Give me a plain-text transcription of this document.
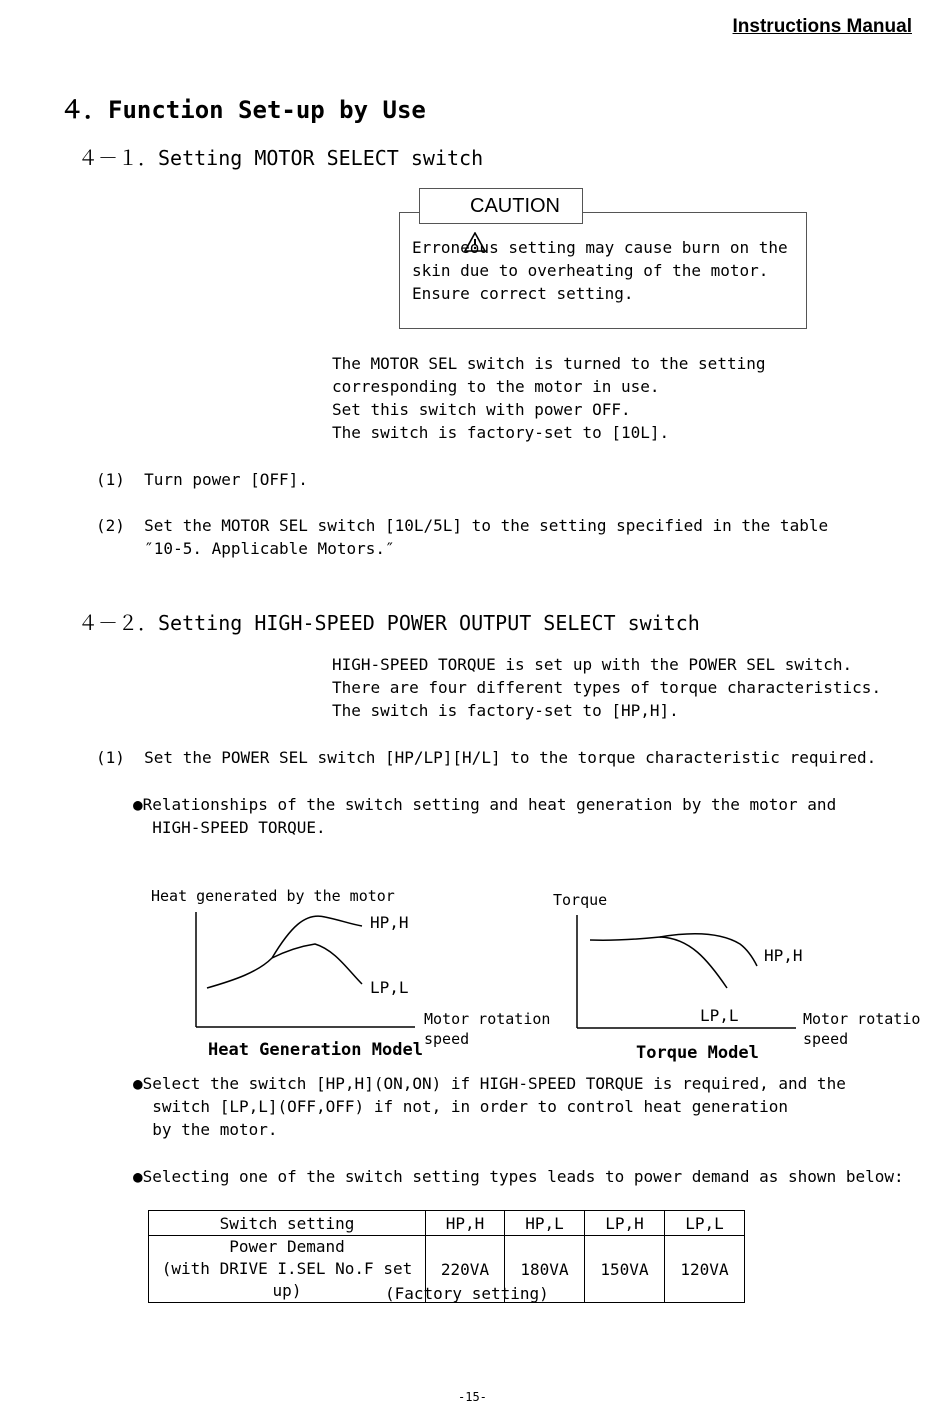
Instructions Manual
４．Function Set-up by Use
４－１．Setting MOTOR SELECT switch

CAUTION

Erroneous setting may cause burn on the
skin due to overheating of the motor.
Ensure correct setting.
The MOTOR SEL switch is turned to the setting
corresponding to the motor in use.
Set this switch with power OFF.
The switch is factory-set to [10L].
(1)  Turn power [OFF].
(2)  Set the MOTOR SEL switch [10L/5L] to the setting specified in the table
″10-5. Applicable Motors.″
４－２．Setting HIGH-SPEED POWER OUTPUT SELECT switch
HIGH-SPEED TORQUE is set up with the POWER SEL switch.
There are four different types of torque characteristics.
The switch is factory-set to [HP,H].
(1)  Set the POWER SEL switch [HP/LP][H/L] to the torque characteristic required.
●Relationships of the switch setting and heat generation by the motor and
HIGH-SPEED TORQUE.
Heat generated by the motor
HP,H
LP,L
Motor rotation
speed
Heat Generation Model
Torque
HP,H
LP,L	Motor rotatio
speed
Torque Model
●Select the switch [HP,H](ON,ON) if HIGH-SPEED TORQUE is required, and the
switch [LP,L](OFF,OFF) if not, in order to control heat generation
by the motor.
●Selecting one of the switch setting types leads to power demand as shown below:
Switch setting	HP,H	HP,L	LP,H	LP,L

Power Demand
(with DRIVE I.SEL No.F set up)	220VA	180VA	150VA	120VA
(Factory setting)
-15-
